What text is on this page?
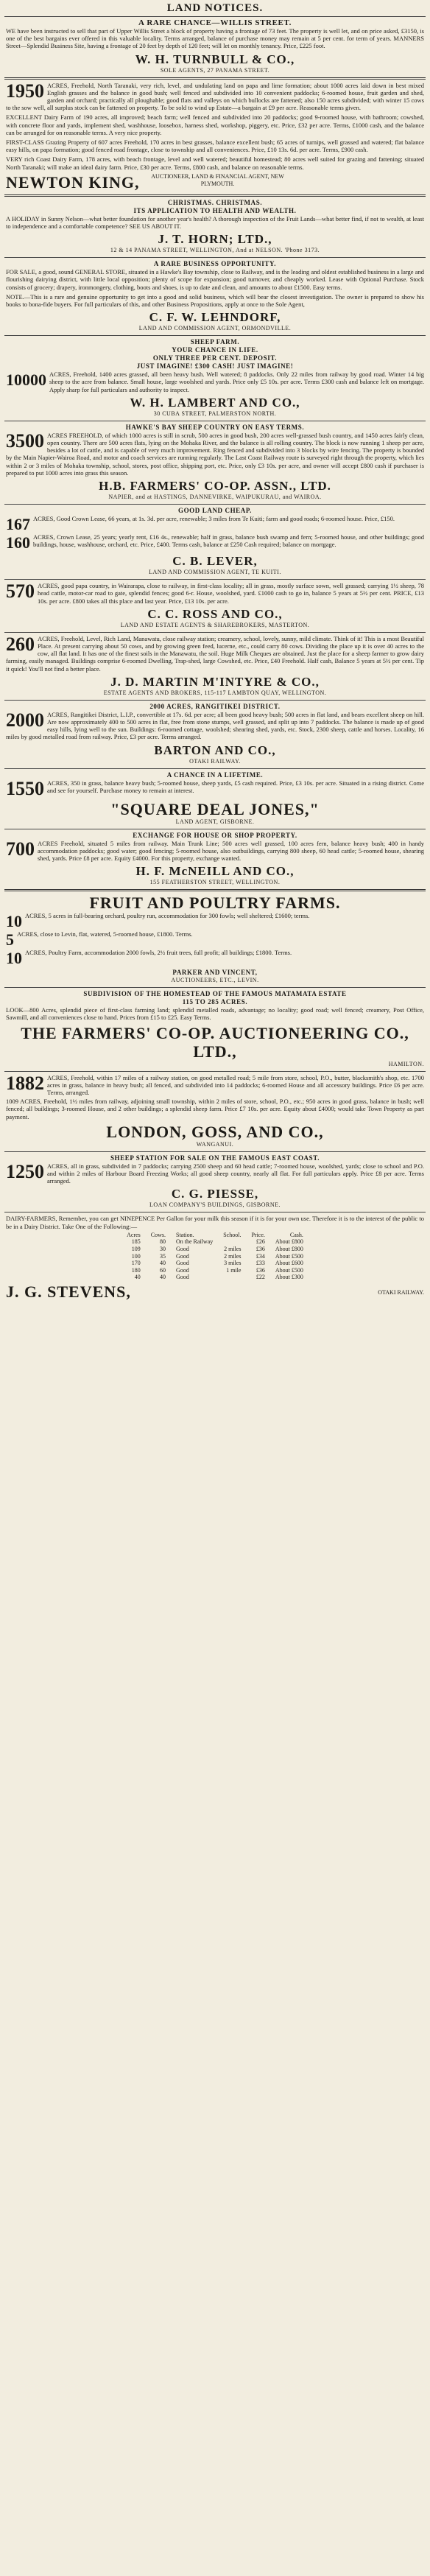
LAND NOTICES.
A RARE CHANCE—WILLIS STREET.

WE have been instructed to sell that part of Upper Willis Street a block of property having a frontage of 73 feet. The property is well let, and on price asked, £3150, is one of the best bargains ever offered in this valuable locality. Terms arranged, balance of purchase money may remain at 5 per cent. for term of years. MANNERS Street—Splendid Business Site, having a frontage of 20 feet by depth of 120 feet; will let on monthly tenancy. Price, £225 foot.

W. H. TURNBULL & CO.,
SOLE AGENTS, 27 PANAMA STREET.
1950 ACRES, Freehold, North Taranaki, very rich, level, and undulating land on papa and lime formation; about 1000 acres laid down in best mixed English grasses and the balance in good bush; well fenced and subdivided into 10 convenient paddocks; 6-roomed house, fruit garden and shed, garden and orchard; practically all ploughable; good flats and valleys on which bullocks are fattened; also 150 acres subdivided; with winter 15 cows to the sow well, all surplus stock can be fattened on property. To be sold to wind up Estate—a bargain at £9 per acre. Reasonable terms given.

EXCELLENT Dairy Farm of 190 acres, all improved; beach farm; well fenced and subdivided into 20 paddocks; good 9-roomed house, with bathroom; cowshed, with concrete floor and yards, implement shed, washhouse, loosebox, harness shed, workshop, piggery, etc. Price, £32 per acre. Terms, £1000 cash, and the balance can be arranged for on reasonable terms. A very nice property.

FIRST-CLASS Grazing Property of 607 acres Freehold, 170 acres in best grasses, balance excellent bush; 65 acres of turnips, well grassed and watered; flat balance easy hills, on papa formation; good fenced road frontage, close to township and all conveniences. Price, £10 13s. 6d. per acre. Terms, £900 cash.

VERY rich Coast Dairy Farm, 178 acres, with beach frontage, level and well watered; beautiful homestead; 80 acres well suited for grazing and fattening; situated North Taranaki; will make an ideal dairy farm. Price, £30 per acre. Terms, £800 cash, and balance on reasonable terms.

NEWTON KING,	AUCTIONEER, LAND & FINANCIAL AGENT, NEW PLYMOUTH.
CHRISTMAS. CHRISTMAS.
ITS APPLICATION TO HEALTH AND WEALTH.

A HOLIDAY in Sunny Nelson—what better foundation for another year's health? A thorough inspection of the Fruit Lands—what better find, if not to wealth, at least to independence and a comfortable competence? SEE US ABOUT IT.

J. T. HORN; LTD.,
12 & 14 PANAMA STREET, WELLINGTON, And at NELSON. 'Phone 3173.
A RARE BUSINESS OPPORTUNITY.

FOR SALE, a good, sound GENERAL STORE, situated in a Hawke's Bay township, close to Railway, and is the leading and oldest established business in a large and flourishing dairying district, with little local opposition; plenty of scope for expansion; good turnover, and cheaply worked. Lease with Optional Purchase. Stock consists of grocery; drapery, ironmongery, clothing, boots and shoes, is up to date and clean, and amounts to about £1500. Easy terms.

NOTE.—This is a rare and genuine opportunity to get into a good and solid business, which will bear the closest investigation. The owner is prepared to show his books to bona-fide buyers. For full particulars of this, and other Business Propositions, apply at once to the Sole Agent,

C. F. W. LEHNDORF,
LAND AND COMMISSION AGENT, ORMONDVILLE.
SHEEP FARM.
YOUR CHANCE IN LIFE.
ONLY THREE PER CENT. DEPOSIT.
JUST IMAGINE! £300 CASH! JUST IMAGINE!
10000 ACRES, Freehold, 1400 acres grassed, all been heavy bush. Well watered; 8 paddocks. Only 22 miles from railway by good road. Winter 14 big sheep to the acre from balance. Small house, large woolshed and yards. Price only £5 10s. per acre. Terms £300 cash and balance left on mortgage. Apply sharp for full particulars and authority to inspect.

W. H. LAMBERT AND CO.,
30 CUBA STREET, PALMERSTON NORTH.
HAWKE'S BAY SHEEP COUNTRY ON EASY TERMS.
3500 ACRES FREEHOLD, of which 1000 acres is still in scrub, 500 acres in good bush, 200 acres well-grassed bush country, and 1450 acres fairly clean, open country. There are 500 acres flats, lying on the Mohaka River, and the balance is all rolling country. The block is now running 1 sheep per acre, besides a lot of cattle, and is capable of very much improvement. Ring fenced and subdivided into 3 blocks by wire fencing. The property is bounded by the Main Napier-Wairoa Road, and motor and coach services are running regularly. The Last Coast Railway route is surveyed right through the property, which lies within 2 or 3 miles of Mohaka township, school, stores, post office, shipping port, etc. Price, only £3 10s. per acre, and owner will accept £800 cash if purchaser is prepared to put 1000 acres into grass this season.

H.B. FARMERS' CO-OP. ASSN., LTD.
NAPIER, and at HASTINGS, DANNEVIRKE, WAIPUKURAU, and WAIROA.
GOOD LAND CHEAP.
167 ACRES, Good Crown Lease, 66 years, at 1s. 3d. per acre, renewable; 3 miles from Te Kuiti; farm and good roads; 6-roomed house. Price, £150.

160 ACRES, Crown Lease, 25 years; yearly rent, £16 4s., renewable; half in grass, balance bush swamp and fern; 5-roomed house, and other buildings; good buildings, house, washhouse, orchard, etc. Price, £400. Terms cash, balance at £250 Cash required; balance on mortgage.

C. B. LEVER,
LAND AND COMMISSION AGENT, TE KUITI.
570 ACRES, good papa country, in Wairarapa, close to railway, in first-class locality; all in grass, mostly surface sown, well grassed; carrying 1½ sheep, 78 head cattle, motor-car road to gate, splendid fences; good 6-r. House, woolshed, yard. £1000 cash to go in, balance 5 years at 5½ per cent. PRICE, £13 10s. per acre. £800 takes all this place and last year. Price, £13 10s. per acre.

C. C. ROSS AND CO.,
LAND AND ESTATE AGENTS & SHAREBROKERS, MASTERTON.
260 ACRES, Freehold, Level, Rich Land, Manawatu, close railway station; creamery, school, lovely, sunny, mild climate. Think of it! This is a most Beautiful Place. At present carrying about 50 cows, and by growing green feed, lucerne, etc., could carry 80 cows. Dividing the place up it is over 40 acres to the cow, all flat land. It has one of the finest soils in the Manawatu, the soil. Huge Milk Cheques are obtained. Just the place for a sheep farmer to grow dairy farming, easily managed. Buildings comprise 6-roomed Dwelling, Trap-shed, large Cowshed, etc. Price, £40 Freehold. Half cash, Balance 5 years at 5½ per cent. Tip it quick! You'll not find a better place.

J. D. MARTIN M'INTYRE & CO.,
ESTATE AGENTS AND BROKERS, 115-117 LAMBTON QUAY, WELLINGTON.
2000 ACRES, RANGITIKEI DISTRICT.
2000 ACRES, Rangitikei District, L.I.P., convertible at 17s. 6d. per acre; all been good heavy bush; 500 acres in flat land, and bears excellent sheep on hill. Are now approximately 400 to 500 acres in flat, free from stone stumps, well grassed, and split up into 7 paddocks. The balance is made up of good easy hills, lying well to the sun. Buildings: 6-roomed cottage, woolshed; shearing shed, yards, etc. Stock, 2300 sheep, cattle and horses. Locality, 16 miles by good metalled road from railway. Price, £3 per acre. Terms arranged.

BARTON AND CO.,
OTAKI RAILWAY.
A CHANCE IN A LIFETIME.
1550 ACRES, 350 in grass, balance heavy bush; 5-roomed house, sheep yards, £5 cash required. Price, £3 10s. per acre. Situated in a rising district. Come and see for yourself. Purchase money to remain at interest.

"SQUARE DEAL JONES,"
LAND AGENT, GISBORNE.
EXCHANGE FOR HOUSE OR SHOP PROPERTY.
700 ACRES Freehold, situated 5 miles from railway. Main Trunk Line; 500 acres well grassed, 100 acres fern, balance heavy bush; 400 in handy accommodation paddocks; good water; good fencing; 5-roomed house, also outbuildings, carrying 800 sheep, 60 head cattle; 5-roomed house, shearing shed, yards. Price £8 per acre. Equity £4000. For this property, exchange wanted.

H. F. McNEILL AND CO.,
155 FEATHERSTON STREET, WELLINGTON.
FRUIT AND POULTRY FARMS.
10 ACRES, 5 acres in full-bearing orchard, poultry run, accommodation for 300 fowls; well sheltered; £1600; terms.

5 ACRES, close to Levin, flat, watered, 5-roomed house, £1800. Terms.

10 ACRES, Poultry Farm, accommodation 2000 fowls, 2½ fruit trees, full profit; all buildings; £1800. Terms.

PARKER AND VINCENT,
AUCTIONEERS, ETC., LEVIN.
SUBDIVISION OF THE HOMESTEAD OF THE FAMOUS MATAMATA ESTATE
115 TO 285 ACRES.

LOOK—800 Acres, splendid piece of first-class farming land; splendid metalled roads, advantage; no locality; good road; well fenced; creamery, Post Office, Sawmill, and all conveniences close to hand. Prices from £15 to £25. Easy Terms.

THE FARMERS' CO-OP. AUCTIONEERING CO., LTD.,
HAMILTON.
1882 ACRES, Freehold, within 17 miles of a railway station, on good metalled road; 5 mile from store, school, P.O., butter, blacksmith's shop, etc. 1700 acres in grass, balance in heavy bush; all fenced, and subdivided into 14 paddocks; 6-roomed House and all accessory buildings. Price £6 per acre. Terms, arranged.

1009 ACRES, Freehold, 1½ miles from railway, adjoining small township, within 2 miles of store, school, P.O., etc.; 950 acres in good grass, balance in bush; well fenced; all buildings; 3-roomed House, and 2 other buildings; a splendid sheep farm. Price £7 10s. per acre. Equity about £4000; would take Town Property as part payment.

LONDON, GOSS, AND CO.,
WANGANUI.
SHEEP STATION FOR SALE ON THE FAMOUS EAST COAST.
1250 ACRES, all in grass, subdivided in 7 paddocks; carrying 2500 sheep and 60 head cattle; 7-roomed house, woolshed, yards; close to school and P.O. and within 2 miles of Harbour Board Freezing Works; all good sheep country, nearly all flat. For full particulars apply. Price £8 per acre. Terms arranged.

C. G. PIESSE,
LOAN COMPANY'S BUILDINGS, GISBORNE.

DAIRY-FARMERS, Remember, you can get NINEPENCE Per Gallon for your milk this season if it is for your own use. Therefore it is to the interest of the public to be in a Dairy District. Take One of the Following:—

Acres	Cows.	Station.	School.	Price.	Cash.
185	80	On the Railway		£26	About £800
109	30	Good	2 miles	£36	About £800
100	35	Good	2 miles	£34	About £500
170	40	Good	3 miles	£33	About £600
180	60	Good	1 mile	£36	About £500
40	40	Good		£22	About £300
J. G. STEVENS,	OTAKI RAILWAY.
